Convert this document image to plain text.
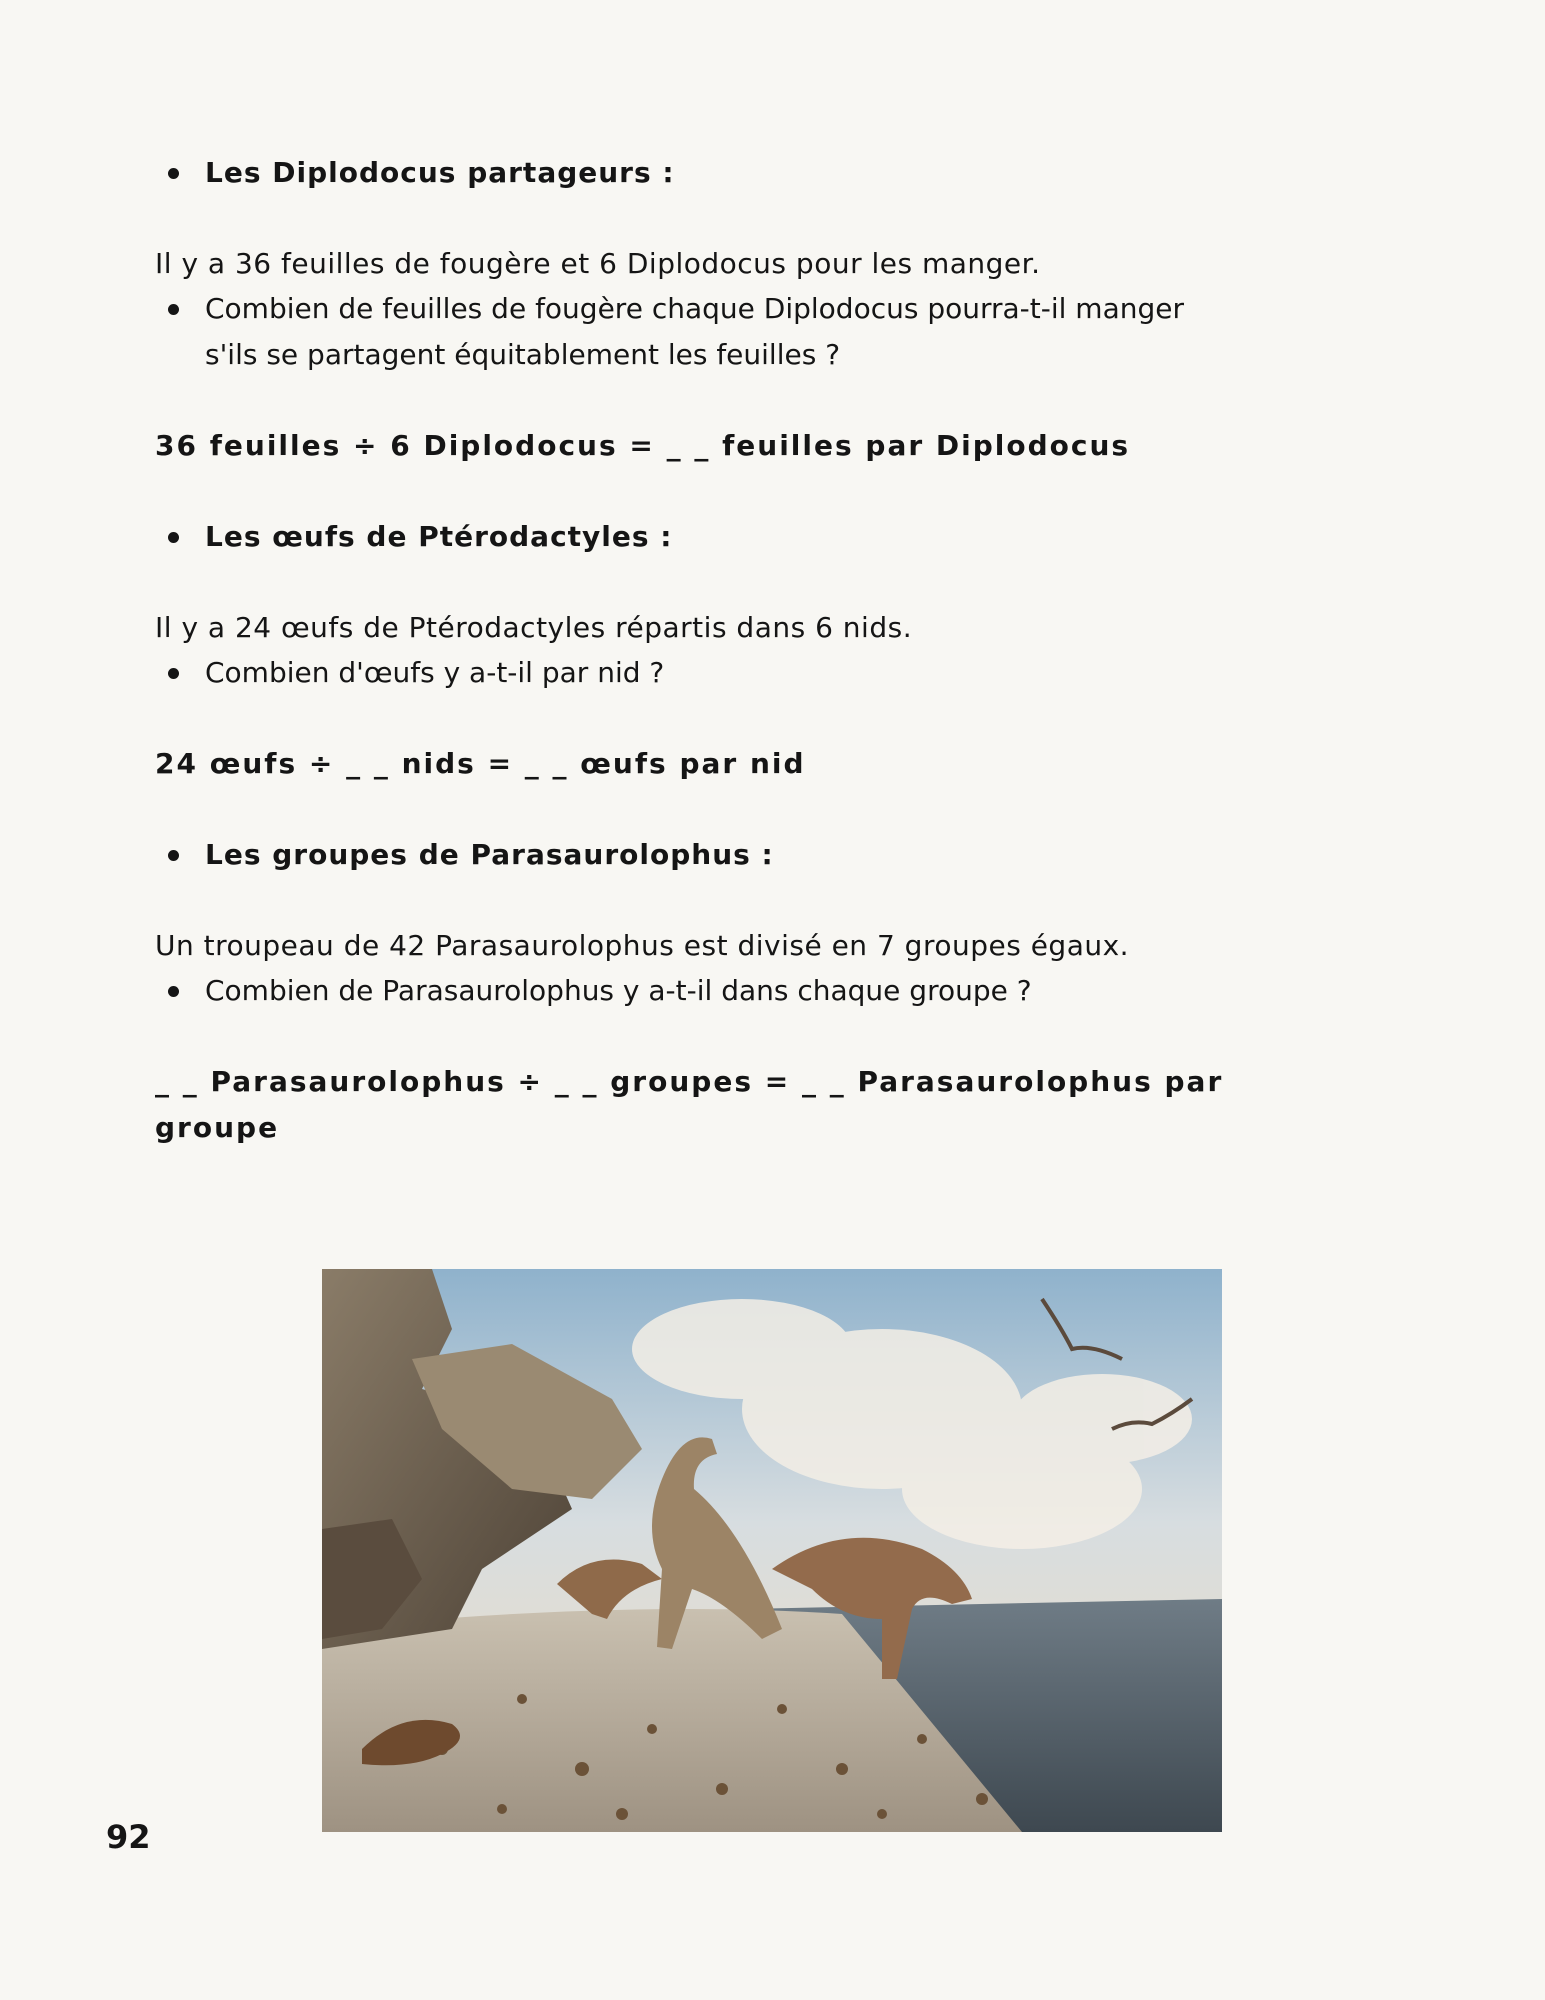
Les Diplodocus partageurs :
Il y a 36 feuilles de fougère et 6 Diplodocus pour les manger.
Combien de feuilles de fougère chaque Diplodocus pourra-t-il manger
s'ils se partagent équitablement les feuilles ?
36 feuilles ÷ 6 Diplodocus = _ _ feuilles par Diplodocus
Les œufs de Ptérodactyles :
Il y a 24 œufs de Ptérodactyles répartis dans 6 nids.
Combien d'œufs y a-t-il par nid ?
24 œufs ÷ _ _ nids = _ _ œufs par nid
Les groupes de Parasaurolophus :
Un troupeau de 42 Parasaurolophus est divisé en 7 groupes égaux.
Combien de Parasaurolophus y a-t-il dans chaque groupe ?
_ _ Parasaurolophus ÷ _ _ groupes = _ _ Parasaurolophus par
groupe
92
